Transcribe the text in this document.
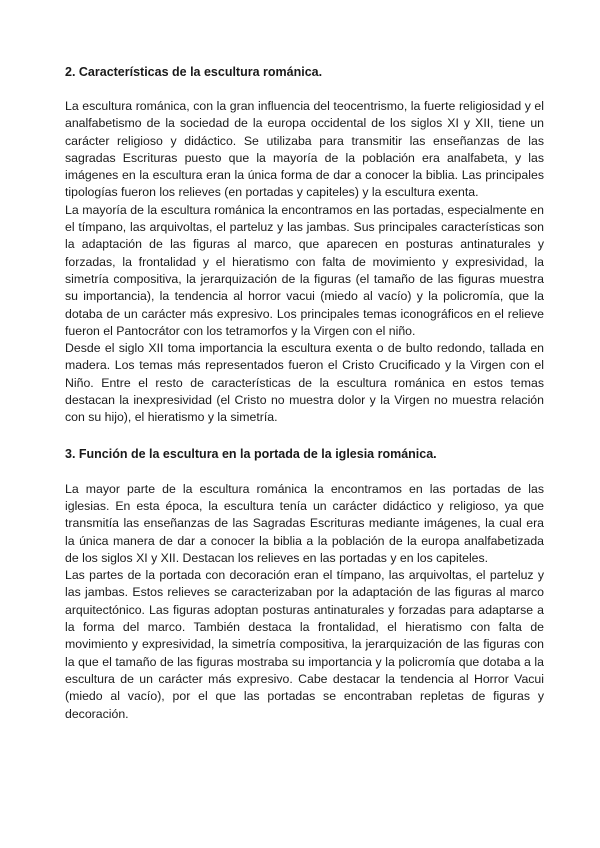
2. Características de la escultura románica.

La escultura románica, con la gran influencia del teocentrismo, la fuerte religiosidad y el analfabetismo de la sociedad de la europa occidental de los siglos XI y XII, tiene un carácter religioso y didáctico. Se utilizaba para transmitir las enseñanzas de las sagradas Escrituras puesto que la mayoría de la población era analfabeta, y las imágenes en la escultura eran la única forma de dar a conocer la biblia. Las principales tipologías fueron los relieves (en portadas y capiteles) y la escultura exenta.

La mayoría de la escultura románica la encontramos en las portadas, especialmente en el tímpano, las arquivoltas, el parteluz y las jambas. Sus principales características son la adaptación de las figuras al marco, que aparecen en posturas antinaturales y forzadas, la frontalidad y el hieratismo con falta de movimiento y expresividad, la simetría compositiva, la jerarquización de la figuras (el tamaño de las figuras muestra su importancia), la tendencia al horror vacui (miedo al vacío) y la policromía, que la dotaba de un carácter más expresivo. Los principales temas iconográficos en el relieve fueron el Pantocrátor con los tetramorfos y la Virgen con el niño.

Desde el siglo XII toma importancia la escultura exenta o de bulto redondo, tallada en madera. Los temas más representados fueron el Cristo Crucificado y la Virgen con el Niño. Entre el resto de características de la escultura románica en estos temas destacan la inexpresividad (el Cristo no muestra dolor y la Virgen no muestra relación con su hijo), el hieratismo y la simetría.

3. Función de la escultura en la portada de la iglesia románica.

La mayor parte de la escultura románica la encontramos en las portadas de las iglesias. En esta época, la escultura tenía un carácter didáctico y religioso, ya que transmitía las enseñanzas de las Sagradas Escrituras mediante imágenes, la cual era la única manera de dar a conocer la biblia a la población de la europa analfabetizada de los siglos XI y XII. Destacan los relieves en las portadas y en los capiteles.

Las partes de la portada con decoración eran el tímpano, las arquivoltas, el parteluz y las jambas. Estos relieves se caracterizaban por la adaptación de las figuras al marco arquitectónico. Las figuras adoptan posturas antinaturales y forzadas para adaptarse a la forma del marco. También destaca la frontalidad, el hieratismo con falta de movimiento y expresividad, la simetría compositiva, la jerarquización de las figuras con la que el tamaño de las figuras mostraba su importancia y la policromía que dotaba a la escultura de un carácter más expresivo. Cabe destacar la tendencia al Horror Vacui (miedo al vacío), por el que las portadas se encontraban repletas de figuras y decoración.
